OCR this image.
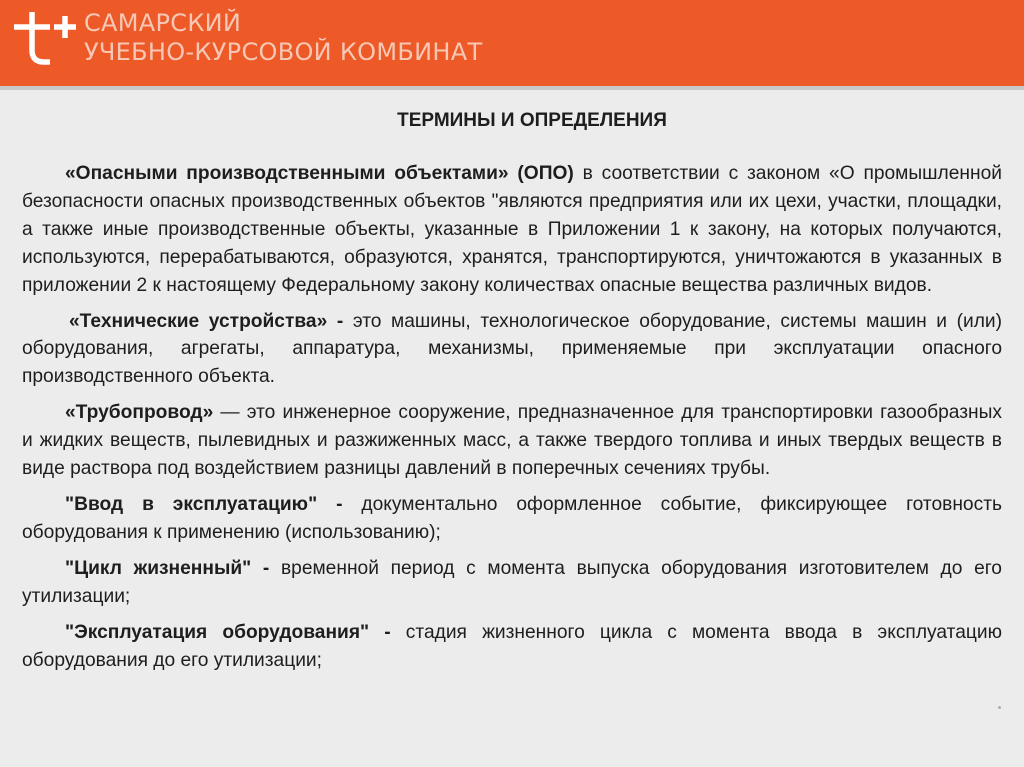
САМАРСКИЙ
УЧЕБНО-КУРСОВОЙ КОМБИНАТ
ТЕРМИНЫ И ОПРЕДЕЛЕНИЯ

«Опасными производственными объектами» (ОПО) в соответствии с законом «О промышленной безопасности опасных производственных объектов "являются предприятия или их цехи, участки, площадки, а также иные производственные объекты, указанные в Приложении 1 к закону, на которых получаются, используются, перерабатываются, образуются, хранятся, транспортируются, уничтожаются в указанных в приложении 2 к настоящему Федеральному закону количествах опасные вещества различных видов.

«Технические устройства» - это машины, технологическое оборудование, системы машин и (или) оборудования, агрегаты, аппаратура, механизмы, применяемые при эксплуатации опасного производственного объекта.

«Трубопровод» — это инженерное сооружение, предназначенное для транспортировки газообразных и жидких веществ, пылевидных и разжиженных масс, а также твердого топлива и иных твердых веществ в виде раствора под воздействием разницы давлений в поперечных сечениях трубы.

"Ввод в эксплуатацию" - документально оформленное событие, фиксирующее готовность оборудования к применению (использованию);

"Цикл жизненный" - временной период с момента выпуска оборудования изготовителем до его утилизации;

"Эксплуатация оборудования" - стадия жизненного цикла с момента ввода в эксплуатацию оборудования до его утилизации;
